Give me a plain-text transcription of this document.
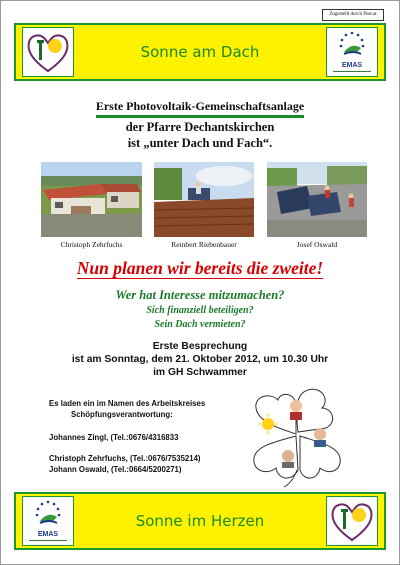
Zugestellt durch Post.at
Sonne am Dach
EMAS
Erste Photovoltaik-Gemeinschaftsanlage
der Pfarre Dechantskirchen
ist „unter Dach und Fach“.
Christoph Zehrfuchs	Reinbert Riebenbauer	Josef Oswald
Nun planen wir bereits die zweite!
Wer hat Interesse mitzumachen?
Sich finanziell beteiligen?
Sein Dach vermieten?
Erste Besprechung
ist am Sonntag, dem 21. Oktober 2012, um 10.30 Uhr
im GH Schwammer
Es laden ein im Namen des Arbeitskreises
Schöpfungsverantwortung:
Johannes Zingl, (Tel.:0676/4316833
Christoph Zehrfuchs, (Tel.:0676/7535214)
Johann Oswald, (Tel.:0664/5200271)
EMAS
Sonne im Herzen
